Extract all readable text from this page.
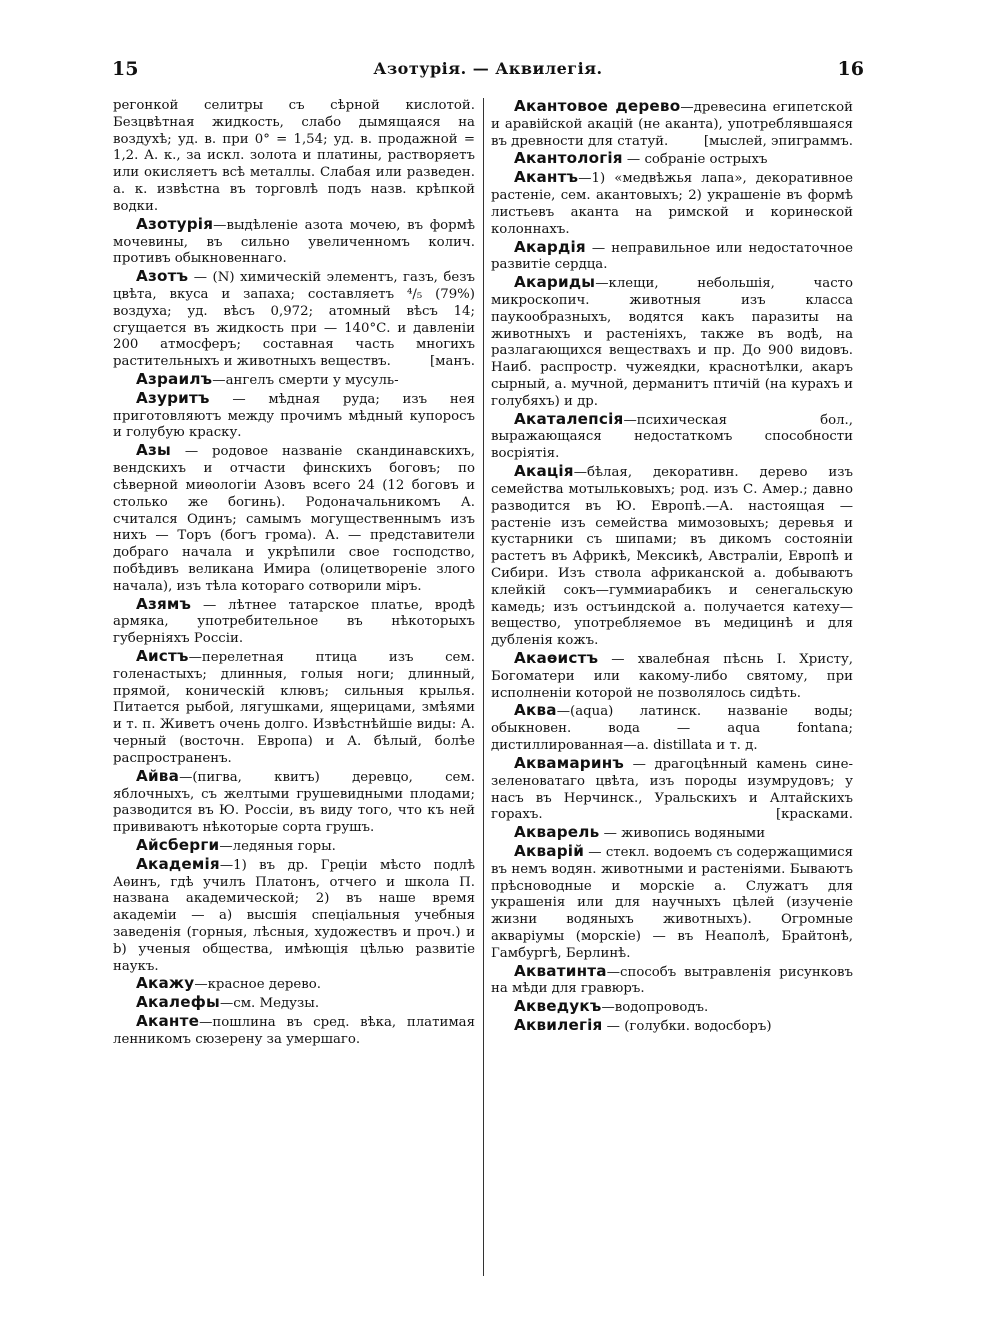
15	Азотурія. — Аквилегія.	16

регонкой селитры съ сѣрной кислотой. Безцвѣтная жидкость, слабо дымящаяся на воздухѣ; уд. в. при 0° = 1,54; уд. в. продажной = 1,2. А. к., за искл. золота и платины, растворяетъ или окисляетъ всѣ металлы. Слабая или разведен. а. к. извѣстна въ торговлѣ подъ назв. крѣпкой водки.

Азотурія—выдѣленіе азота мочею, въ формѣ мочевины, въ сильно увеличенномъ колич. противъ обыкновеннаго.

Азотъ — (N) химическій элементъ, газъ, безъ цвѣта, вкуса и запаха; составляетъ ⁴/₅ (79%) воздуха; уд. вѣсъ 0,972; атомный вѣсъ 14; сгущается въ жидкость при — 140°С. и давленіи 200 атмосферъ; составная часть многихъ растительныхъ и животныхъ веществъ.	[манъ.

Азраилъ—ангелъ смерти у мусуль-

Азуритъ — мѣдная руда; изъ нея приготовляютъ между прочимъ мѣдный купоросъ и голубую краску.

Азы — родовое названіе скандинавскихъ, вендскихъ и отчасти финскихъ боговъ; по сѣверной миѳологіи Азовъ всего 24 (12 боговъ и столько же богинь). Родоначальникомъ А. считался Одинъ; самымъ могущественнымъ изъ нихъ — Торъ (богъ грома). А. — представители добраго начала и укрѣпили свое господство, побѣдивъ великана Имира (олицетвореніе злого начала), изъ тѣла котораго сотворили міръ.

Азямъ — лѣтнее татарское платье, вродѣ армяка, употребительное въ нѣкоторыхъ губерніяхъ Россіи.

Аистъ—перелетная птица изъ сем. голенастыхъ; длинныя, голыя ноги; длинный, прямой, коническій клювъ; сильныя крылья. Питается рыбой, лягушками, ящерицами, змѣями и т. п. Живетъ очень долго. Извѣстнѣйшіе виды: А. черный (восточн. Европа) и А. бѣлый, болѣе распространенъ.

Айва—(пигва, квитъ) деревцо, сем. яблочныхъ, съ желтыми грушевидными плодами; разводится въ Ю. Россіи, въ виду того, что къ ней прививаютъ нѣкоторые сорта грушъ.

Айсберги—ледяныя горы.

Академія—1) въ др. Греціи мѣсто подлѣ Аѳинъ, гдѣ училъ Платонъ, отчего и школа П. названа академической; 2) въ наше время академіи — а) высшія спеціальныя учебныя заведенія (горныя, лѣсныя, художествъ и проч.) и b) ученыя общества, имѣющія цѣлью развитіе наукъ.

Акажу—красное дерево.

Акалефы—см. Медузы.

Аканте—пошлина въ сред. вѣка, платимая ленникомъ сюзерену за умершаго.

Акантовое дерево—древесина египетской и аравійской акацій (не аканта), употреблявшаяся въ древности для статуй.	[мыслей, эпиграммъ.

Акантологія — собраніе острыхъ

Акантъ—1) «медвѣжья лапа», декоративное растеніе, сем. акантовыхъ; 2) украшеніе въ формѣ листьевъ аканта на римской и коринѳской колоннахъ.

Акардія — неправильное или недостаточное развитіе сердца.

Акариды—клещи, небольшія, часто микроскопич. животныя изъ класса паукообразныхъ, водятся какъ паразиты на животныхъ и растеніяхъ, также въ водѣ, на разлагающихся веществахъ и пр. До 900 видовъ. Наиб. распростр. чужеядки, краснотѣлки, акаръ сырный, а. мучной, дерманитъ птичій (на курахъ и голубяхъ) и др.

Акаталепсія—психическая бол., выражающаяся недостаткомъ способности восріятія.

Акація—бѣлая, декоративн. дерево изъ семейства мотыльковыхъ; род. изъ С. Амер.; давно разводится въ Ю. Европѣ.—А. настоящая — растеніе изъ семейства мимозовыхъ; деревья и кустарники съ шипами; въ дикомъ состояніи растетъ въ Африкѣ, Мексикѣ, Австраліи, Европѣ и Сибири. Изъ ствола африканской а. добываютъ клейкій сокъ—гуммиарабикъ и сенегальскую камедь; изъ остъиндской а. получается катеху—вещество, употребляемое въ медицинѣ и для дубленія кожъ.

Акаѳистъ — хвалебная пѣснь I. Христу, Богоматери или какому-либо святому, при исполненіи которой не позволялось сидѣть.

Аква—(aqua) латинск. названіе воды; обыкновен. вода — aqua fontana; дистиллированная—a. distillata и т. д.

Аквамаринъ — драгоцѣнный камень сине-зеленоватаго цвѣта, изъ породы изумрудовъ; у насъ въ Нерчинск., Уральскихъ и Алтайскихъ горахъ.	[красками.

Акварель — живопись водяными

Акварій — стекл. водоемъ съ содержащимися въ немъ водян. животными и растеніями. Бываютъ прѣсноводные и морскіе а. Служатъ для украшенія или для научныхъ цѣлей (изученіе жизни водяныхъ животныхъ). Огромные акваріумы (морскіе) — въ Неаполѣ, Брайтонѣ, Гамбургѣ, Берлинѣ.

Акватинта—способъ вытравленія рисунковъ на мѣди для гравюръ.

Акведукъ—водопроводъ.

Аквилегія — (голубки. водосборъ)
